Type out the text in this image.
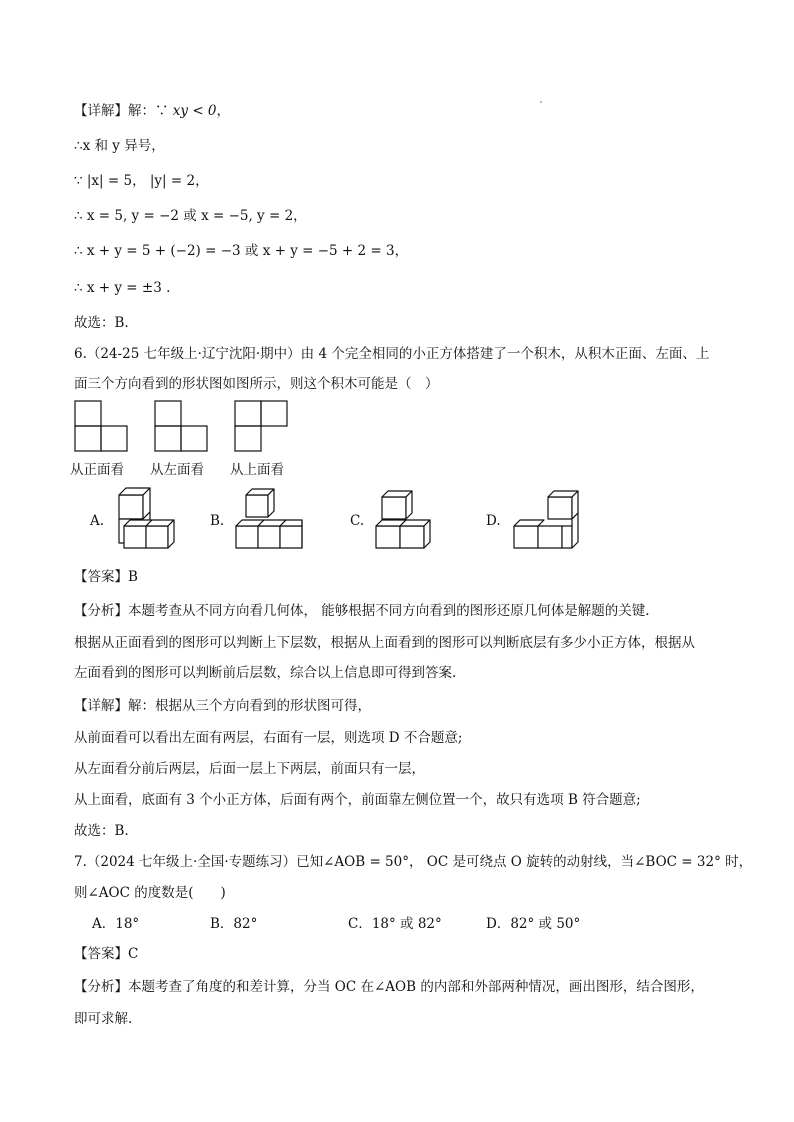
【详解】解：∵ xy < 0，
∴x 和 y 异号，
∵ |x| = 5， |y| = 2，
∴ x = 5, y = −2 或 x = −5, y = 2，
∴ x + y = 5 + (−2) = −3 或 x + y = −5 + 2 = 3，
∴ x + y = ±3 .
故选：B.
6.（24-25 七年级上·辽宁沈阳·期中）由 4 个完全相同的小正方体搭建了一个积木，从积木正面、左面、上
面三个方向看到的形状图如图所示，则这个积木可能是（　）
从正面看 从左面看 从上面看
A.	B.	C.	D.
【答案】B
【分析】本题考查从不同方向看几何体， 能够根据不同方向看到的图形还原几何体是解题的关键.
根据从正面看到的图形可以判断上下层数，根据从上面看到的图形可以判断底层有多少小正方体，根据从
左面看到的图形可以判断前后层数，综合以上信息即可得到答案.
【详解】解：根据从三个方向看到的形状图可得，
从前面看可以看出左面有两层，右面有一层，则选项 D 不合题意;
从左面看分前后两层，后面一层上下两层，前面只有一层，
从上面看，底面有 3 个小正方体，后面有两个，前面靠左侧位置一个，故只有选项 B 符合题意;
故选：B.
7.（2024 七年级上·全国·专题练习）已知∠AOB = 50°， OC 是可绕点 O 旋转的动射线，当∠BOC = 32° 时，
则∠AOC 的度数是(　　)
A．18°	B．82°	C．18° 或 82°	D．82° 或 50°
【答案】C
【分析】本题考查了角度的和差计算，分当 OC 在∠AOB 的内部和外部两种情况，画出图形，结合图形，
即可求解.
